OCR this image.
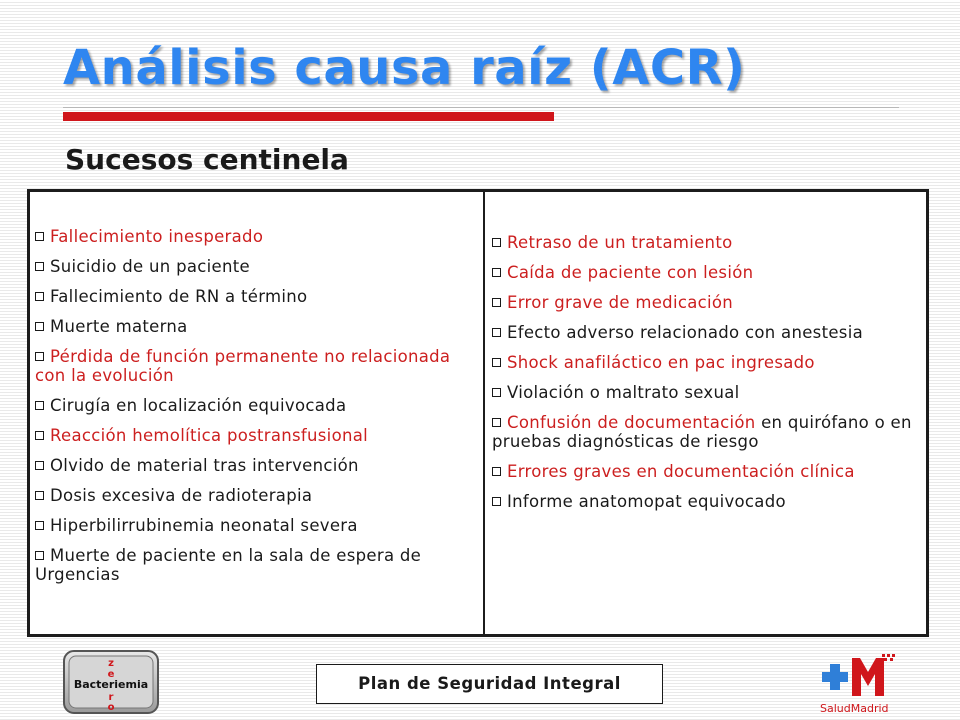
Análisis causa raíz (ACR)
Sucesos centinela
Fallecimiento inesperado
Suicidio de un paciente
Fallecimiento de RN a término
Muerte materna
Pérdida de función permanente no relacionada con la evolución
Cirugía en localización equivocada
Reacción hemolítica postransfusional
Olvido de material tras intervención
Dosis excesiva de radioterapia
Hiperbilirrubinemia neonatal severa
Muerte de paciente en la sala de espera de Urgencias
Retraso de un tratamiento
Caída de paciente con lesión
Error grave de medicación
Efecto adverso relacionado con anestesia
Shock anafiláctico en pac ingresado
Violación o maltrato sexual
Confusión de documentación en quirófano o en pruebas diagnósticas de riesgo
Errores graves en documentación clínica
Informe anatomopat equivocado
z
e
r
o
Bacteriemia	Plan de Seguridad Integral
SaludMadrid
